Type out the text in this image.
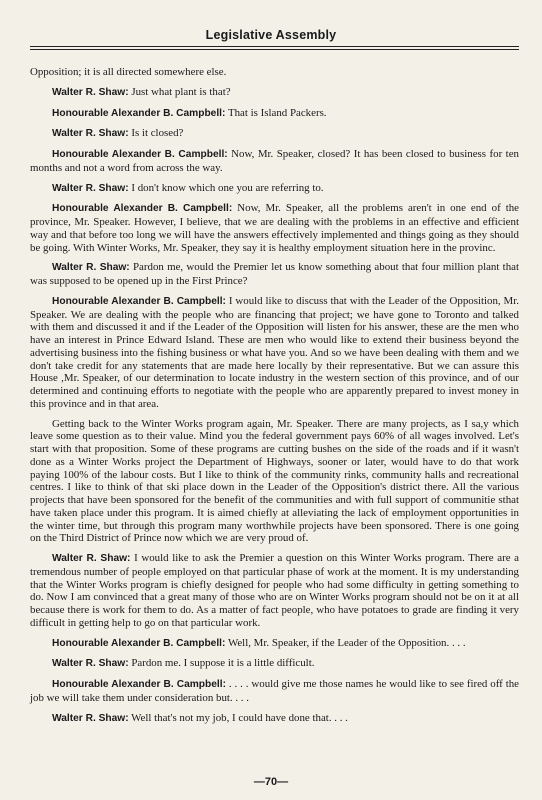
Legislative Assembly

Opposition; it is all directed somewhere else.

Walter R. Shaw: Just what plant is that?

Honourable Alexander B. Campbell: That is Island Packers.

Walter R. Shaw: Is it closed?

Honourable Alexander B. Campbell: Now, Mr. Speaker, closed? It has been closed to business for ten months and not a word from across the way.

Walter R. Shaw: I don't know which one you are referring to.

Honourable Alexander B. Campbell: Now, Mr. Speaker, all the problems aren't in one end of the province, Mr. Speaker. However, I believe, that we are dealing with the problems in an effective and efficient way and that before too long we will have the answers effectively implemented and things going as they should be going. With Winter Works, Mr. Speaker, they say it is healthy employment situation here in the provinc.

Walter R. Shaw: Pardon me, would the Premier let us know something about that four million plant that was supposed to be opened up in the First Prince?

Honourable Alexander B. Campbell: I would like to discuss that with the Leader of the Opposition, Mr. Speaker. We are dealing with the people who are financing that project; we have gone to Toronto and talked with them and discussed it and if the Leader of the Opposition will listen for his answer, these are the men who have an interest in Prince Edward Island. These are men who would like to extend their business beyond the advertising business into the fishing business or what have you. And so we have been dealing with them and we don't take credit for any statements that are made here locally by their representative. But we can assure this House ,Mr. Speaker, of our determination to locate industry in the western section of this province, and of our determined and continuing efforts to negotiate with the people who are apparently prepared to invest money in this province and in that area.

Getting back to the Winter Works program again, Mr. Speaker. There are many projects, as I sa,y which leave some question as to their value. Mind you the federal government pays 60% of all wages involved. Let's start with that proposition. Some of these programs are cutting bushes on the side of the roads and if it wasn't done as a Winter Works project the Department of Highways, sooner or later, would have to do that work paying 100% of the labour costs. But I like to think of the community rinks, community halls and recreational centres. I like to think of that ski place down in the Leader of the Opposition's district there. All the various projects that have been sponsored for the benefit of the communities and with full support of communitie sthat have taken place under this program. It is aimed chiefly at alleviating the lack of employment opportunities in the winter time, but through this program many worthwhile projects have been sponsored. There is one going on the Third District of Prince now which we are very proud of.

Walter R. Shaw: I would like to ask the Premier a question on this Winter Works program. There are a tremendous number of people employed on that particular phase of work at the moment. It is my understanding that the Winter Works program is chiefly designed for people who had some difficulty in getting something to do. Now I am convinced that a great many of those who are on Winter Works program should not be on it at all because there is work for them to do. As a matter of fact people, who have potatoes to grade are finding it very difficult in getting help to go on that particular work.

Honourable Alexander B. Campbell: Well, Mr. Speaker, if the Leader of the Opposition. . . .

Walter R. Shaw: Pardon me. I suppose it is a little difficult.

Honourable Alexander B. Campbell: . . . . would give me those names he would like to see fired off the job we will take them under consideration but. . . .

Walter R. Shaw: Well that's not my job, I could have done that. . . .

—70—
